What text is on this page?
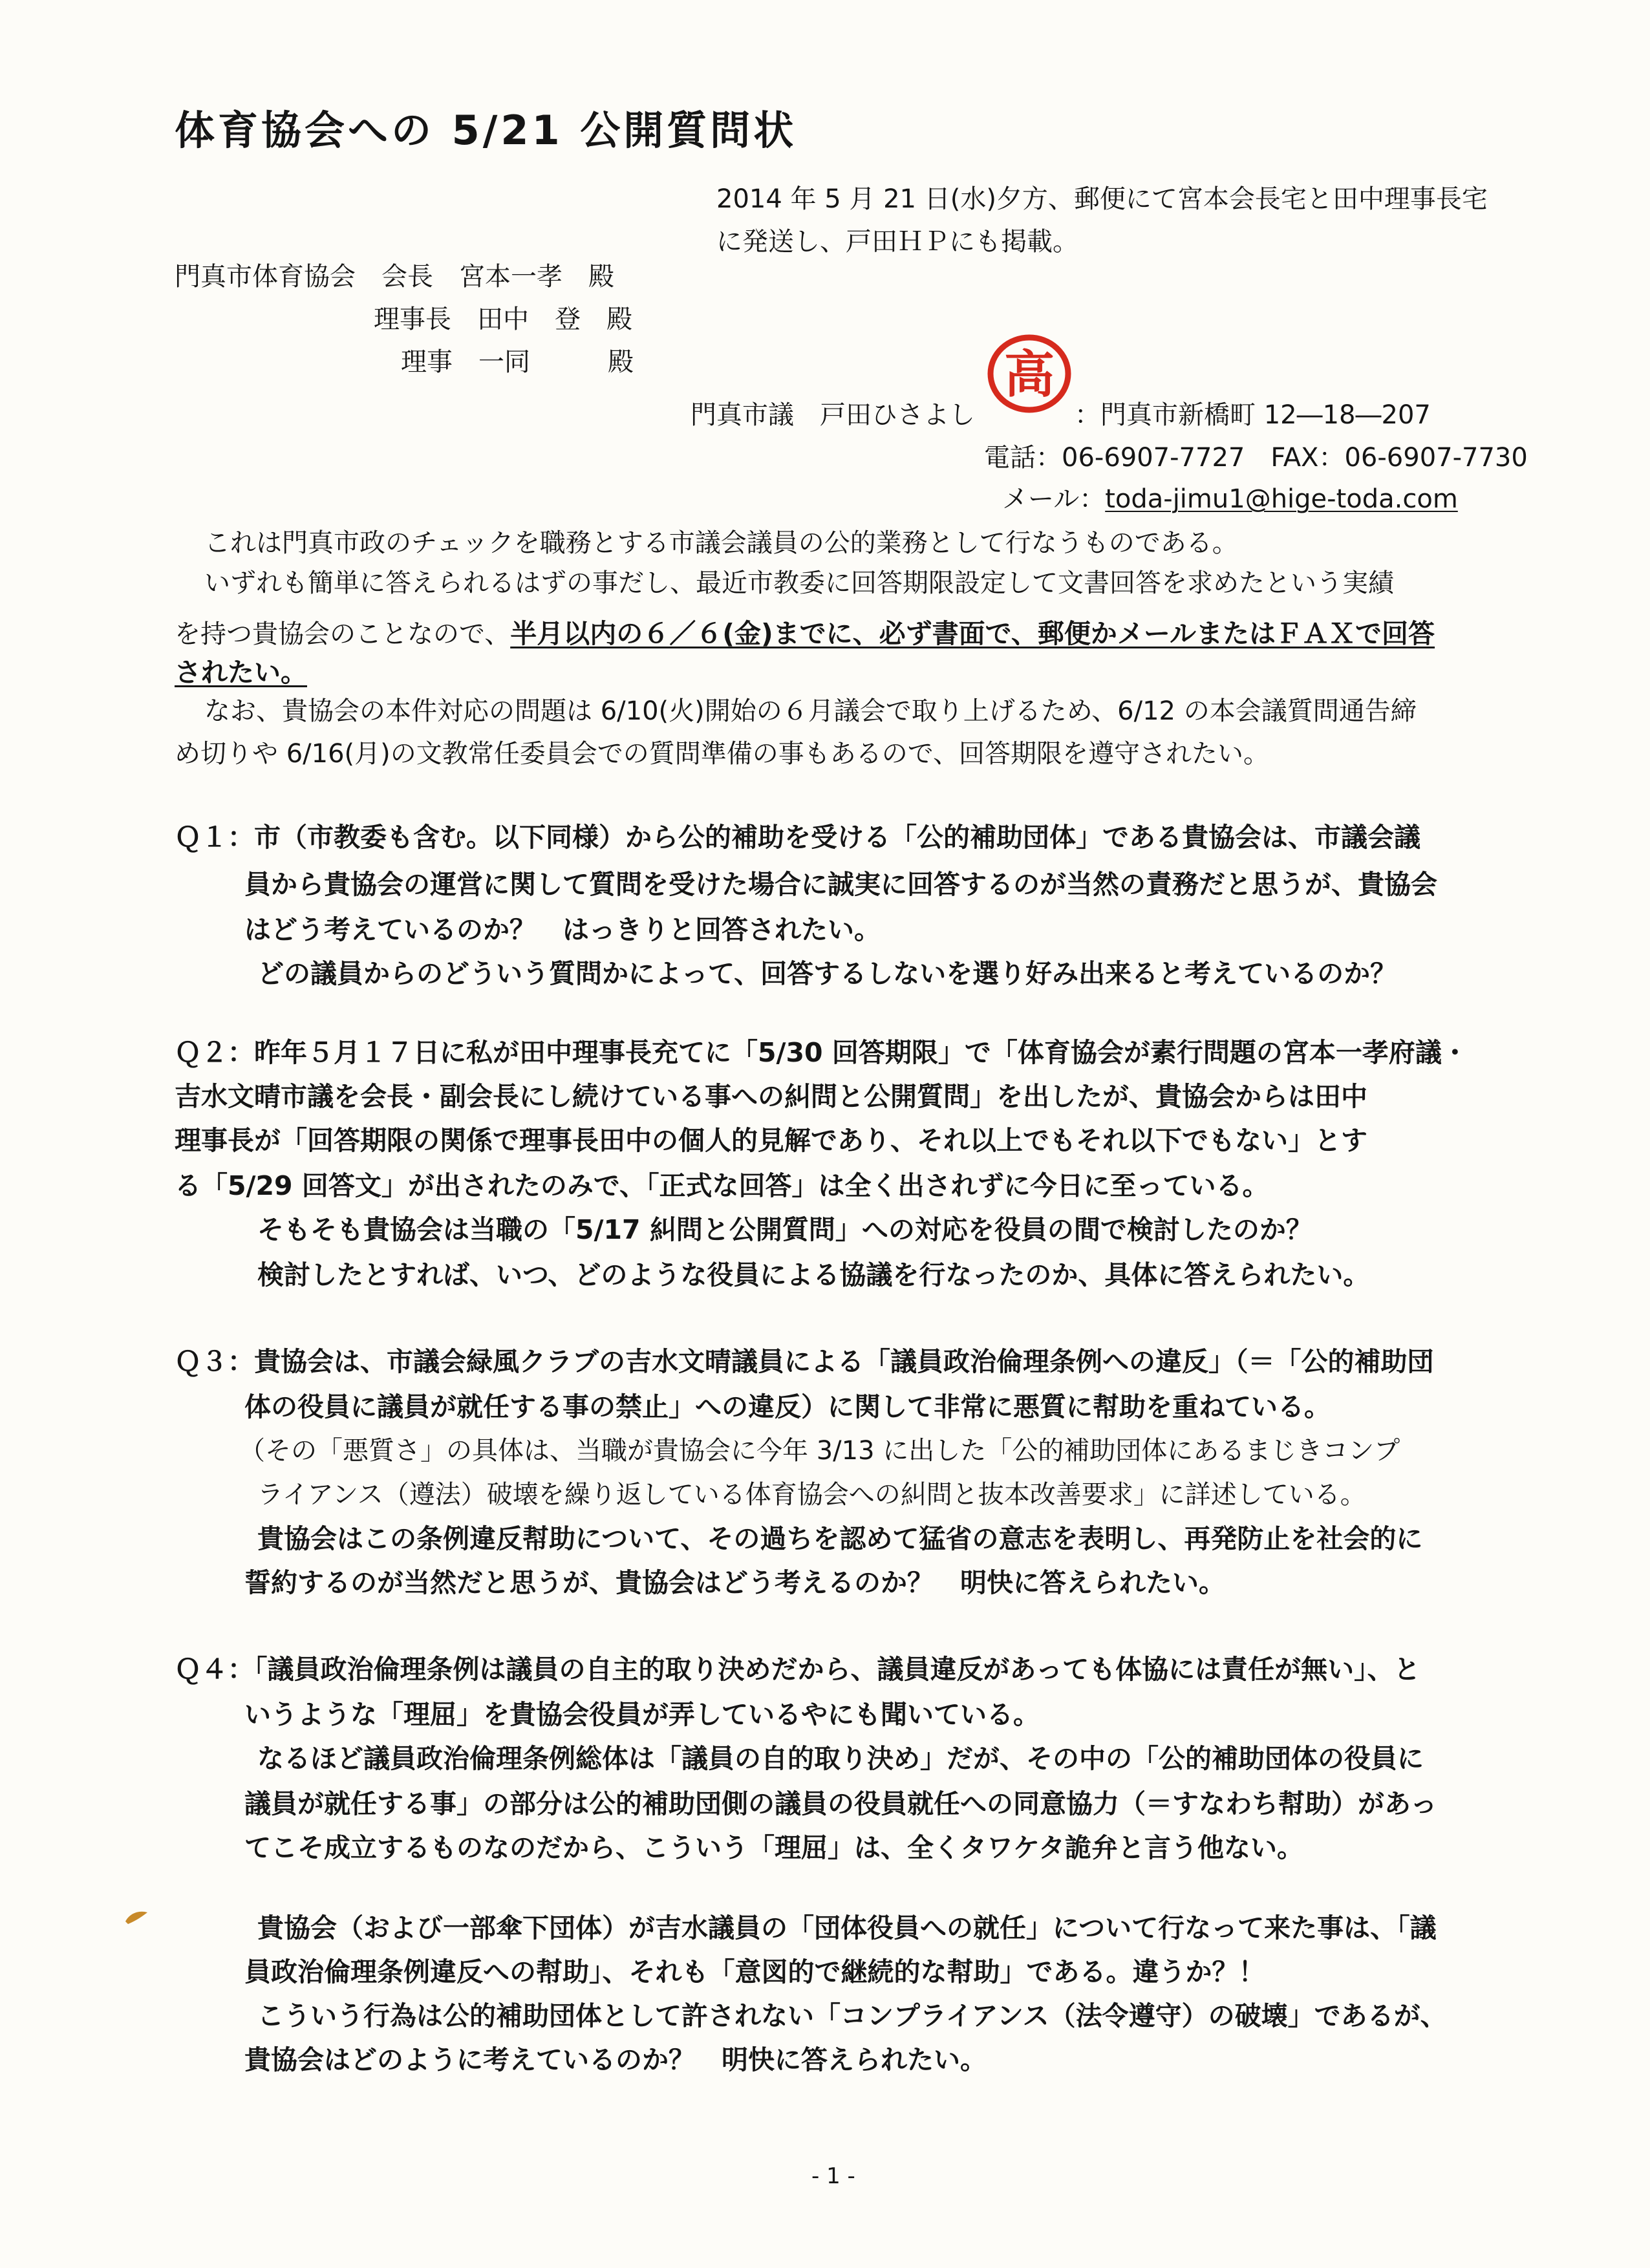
体育協会への 5/21 公開質問状
2014 年 5 月 21 日(水)夕方、郵便にて宮本会長宅と田中理事長宅
に発送し、戸田ＨＰにも掲載。
門真市体育協会　会長　宮本一孝　殿
理事長　田中　登　殿
理事　一同　　　殿	高
門真市議　戸田ひさよし	：門真市新橋町 12―18―207
電話：06-6907-7727　FAX：06-6907-7730
メール：toda-jimu1@hige-toda.com
これは門真市政のチェックを職務とする市議会議員の公的業務として行なうものである。
いずれも簡単に答えられるはずの事だし、最近市教委に回答期限設定して文書回答を求めたという実績
を持つ貴協会のことなので、半月以内の６／６(金)までに、必ず書面で、郵便かメールまたはＦＡＸで回答
されたい。
なお、貴協会の本件対応の問題は 6/10(火)開始の６月議会で取り上げるため、6/12 の本会議質問通告締
め切りや 6/16(月)の文教常任委員会での質問準備の事もあるので、回答期限を遵守されたい。
Ｑ１：市（市教委も含む。以下同様）から公的補助を受ける「公的補助団体」である貴協会は、市議会議
員から貴協会の運営に関して質問を受けた場合に誠実に回答するのが当然の責務だと思うが、貴協会
はどう考えているのか？　はっきりと回答されたい。
どの議員からのどういう質問かによって、回答するしないを選り好み出来ると考えているのか？
Ｑ２：昨年５月１７日に私が田中理事長充てに「5/30 回答期限」で「体育協会が素行問題の宮本一孝府議・
吉水文晴市議を会長・副会長にし続けている事への糾問と公開質問」を出したが、貴協会からは田中
理事長が「回答期限の関係で理事長田中の個人的見解であり、それ以上でもそれ以下でもない」とす
る「5/29 回答文」が出されたのみで、「正式な回答」は全く出されずに今日に至っている。
そもそも貴協会は当職の「5/17 糾問と公開質問」への対応を役員の間で検討したのか？
検討したとすれば、いつ、どのような役員による協議を行なったのか、具体に答えられたい。
Ｑ３：貴協会は、市議会緑風クラブの吉水文晴議員による「議員政治倫理条例への違反」（＝「公的補助団
体の役員に議員が就任する事の禁止」への違反）に関して非常に悪質に幇助を重ねている。
（その「悪質さ」の具体は、当職が貴協会に今年 3/13 に出した「公的補助団体にあるまじきコンプ
ライアンス（遵法）破壊を繰り返している体育協会への糾問と抜本改善要求」に詳述している。
貴協会はこの条例違反幇助について、その過ちを認めて猛省の意志を表明し、再発防止を社会的に
誓約するのが当然だと思うが、貴協会はどう考えるのか？　明快に答えられたい。
Ｑ４：「議員政治倫理条例は議員の自主的取り決めだから、議員違反があっても体協には責任が無い」、と
いうような「理屈」を貴協会役員が弄しているやにも聞いている。
なるほど議員政治倫理条例総体は「議員の自的取り決め」だが、その中の「公的補助団体の役員に
議員が就任する事」の部分は公的補助団側の議員の役員就任への同意協力（＝すなわち幇助）があっ
てこそ成立するものなのだから、こういう「理屈」は、全くタワケタ詭弁と言う他ない。
貴協会（および一部傘下団体）が吉水議員の「団体役員への就任」について行なって来た事は、「議
員政治倫理条例違反への幇助」、それも「意図的で継続的な幇助」である。違うか？！
こういう行為は公的補助団体として許されない「コンプライアンス（法令遵守）の破壊」であるが、
貴協会はどのように考えているのか？　明快に答えられたい。
- 1 -
